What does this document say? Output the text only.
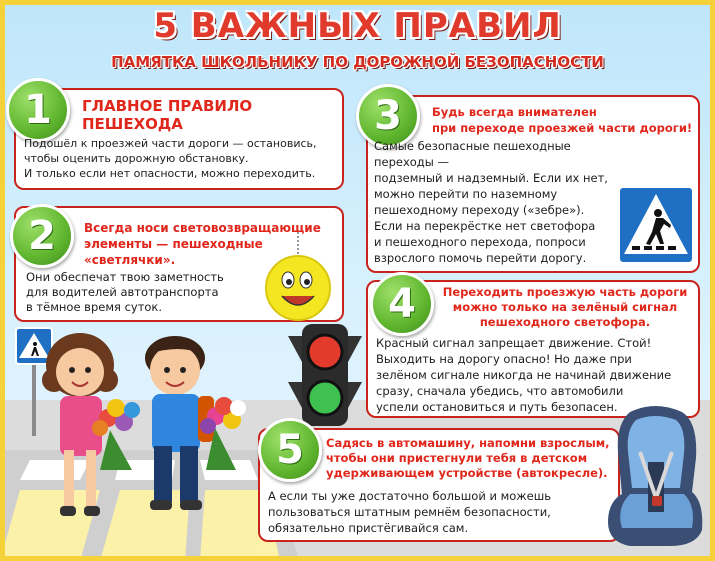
5 ВАЖНЫХ ПРАВИЛ
ПАМЯТКА ШКОЛЬНИКУ ПО ДОРОЖНОЙ БЕЗОПАСНОСТИ
1	ГЛАВНОЕ ПРАВИЛО
ПЕШЕХОДА
Подошёл к проезжей части дороги — остановись,
чтобы оценить дорожную обстановку.
И только если нет опасности, можно переходить.
2	Всегда носи световозвращающие
элементы — пешеходные
«светлячки».
Они обеспечат твою заметность
для водителей автотранспорта
в тёмное время суток.
3	Будь всегда внимателен
при переходе проезжей части дороги!
Самые безопасные пешеходные переходы —
подземный и надземный. Если их нет,
можно перейти по наземному
пешеходному переходу («зебре»).
Если на перекрёстке нет светофора
и пешеходного перехода, попроси
взрослого помочь перейти дорогу.
4	Переходить проезжую часть дороги
можно только на зелёный сигнал
пешеходного светофора.
Красный сигнал запрещает движение. Стой!
Выходить на дорогу опасно! Но даже при
зелёном сигнале никогда не начинай движение
сразу, сначала убедись, что автомобили
успели остановиться и путь безопасен.
5	Садясь в автомашину, напомни взрослым,
чтобы они пристегнули тебя в детском
удерживающем устройстве (автокресле).
А если ты уже достаточно большой и можешь
пользоваться штатным ремнём безопасности,
обязательно пристёгивайся сам.
